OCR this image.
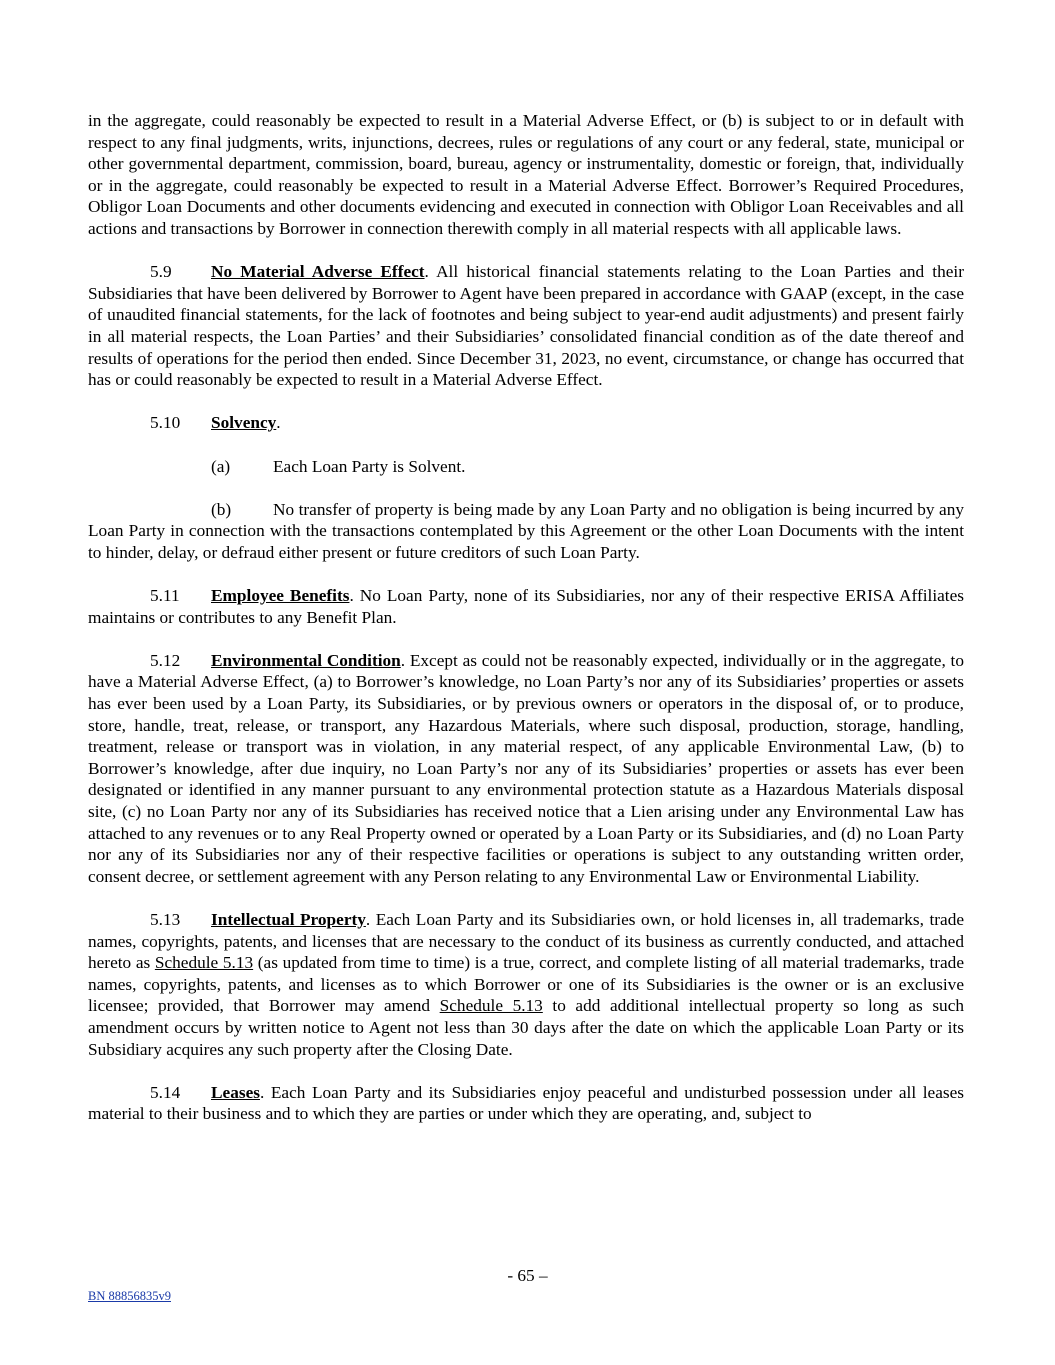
in the aggregate, could reasonably be expected to result in a Material Adverse Effect, or (b) is subject to or in default with respect to any final judgments, writs, injunctions, decrees, rules or regulations of any court or any federal, state, municipal or other governmental department, commission, board, bureau, agency or instrumentality, domestic or foreign, that, individually or in the aggregate, could reasonably be expected to result in a Material Adverse Effect. Borrower’s Required Procedures, Obligor Loan Documents and other documents evidencing and executed in connection with Obligor Loan Receivables and all actions and transactions by Borrower in connection therewith comply in all material respects with all applicable laws.

5.9 No Material Adverse Effect. All historical financial statements relating to the Loan Parties and their Subsidiaries that have been delivered by Borrower to Agent have been prepared in accordance with GAAP (except, in the case of unaudited financial statements, for the lack of footnotes and being subject to year-end audit adjustments) and present fairly in all material respects, the Loan Parties’ and their Subsidiaries’ consolidated financial condition as of the date thereof and results of operations for the period then ended. Since December 31, 2023, no event, circumstance, or change has occurred that has or could reasonably be expected to result in a Material Adverse Effect.

5.10 Solvency.

(a) Each Loan Party is Solvent.

(b) No transfer of property is being made by any Loan Party and no obligation is being incurred by any Loan Party in connection with the transactions contemplated by this Agreement or the other Loan Documents with the intent to hinder, delay, or defraud either present or future creditors of such Loan Party.

5.11 Employee Benefits. No Loan Party, none of its Subsidiaries, nor any of their respective ERISA Affiliates maintains or contributes to any Benefit Plan.

5.12 Environmental Condition. Except as could not be reasonably expected, individually or in the aggregate, to have a Material Adverse Effect, (a) to Borrower’s knowledge, no Loan Party’s nor any of its Subsidiaries’ properties or assets has ever been used by a Loan Party, its Subsidiaries, or by previous owners or operators in the disposal of, or to produce, store, handle, treat, release, or transport, any Hazardous Materials, where such disposal, production, storage, handling, treatment, release or transport was in violation, in any material respect, of any applicable Environmental Law, (b) to Borrower’s knowledge, after due inquiry, no Loan Party’s nor any of its Subsidiaries’ properties or assets has ever been designated or identified in any manner pursuant to any environmental protection statute as a Hazardous Materials disposal site, (c) no Loan Party nor any of its Subsidiaries has received notice that a Lien arising under any Environmental Law has attached to any revenues or to any Real Property owned or operated by a Loan Party or its Subsidiaries, and (d) no Loan Party nor any of its Subsidiaries nor any of their respective facilities or operations is subject to any outstanding written order, consent decree, or settlement agreement with any Person relating to any Environmental Law or Environmental Liability.

5.13 Intellectual Property. Each Loan Party and its Subsidiaries own, or hold licenses in, all trademarks, trade names, copyrights, patents, and licenses that are necessary to the conduct of its business as currently conducted, and attached hereto as Schedule 5.13 (as updated from time to time) is a true, correct, and complete listing of all material trademarks, trade names, copyrights, patents, and licenses as to which Borrower or one of its Subsidiaries is the owner or is an exclusive licensee; provided, that Borrower may amend Schedule 5.13 to add additional intellectual property so long as such amendment occurs by written notice to Agent not less than 30 days after the date on which the applicable Loan Party or its Subsidiary acquires any such property after the Closing Date.

5.14 Leases. Each Loan Party and its Subsidiaries enjoy peaceful and undisturbed possession under all leases material to their business and to which they are parties or under which they are operating, and, subject to

- 65 –
BN 88856835v9
